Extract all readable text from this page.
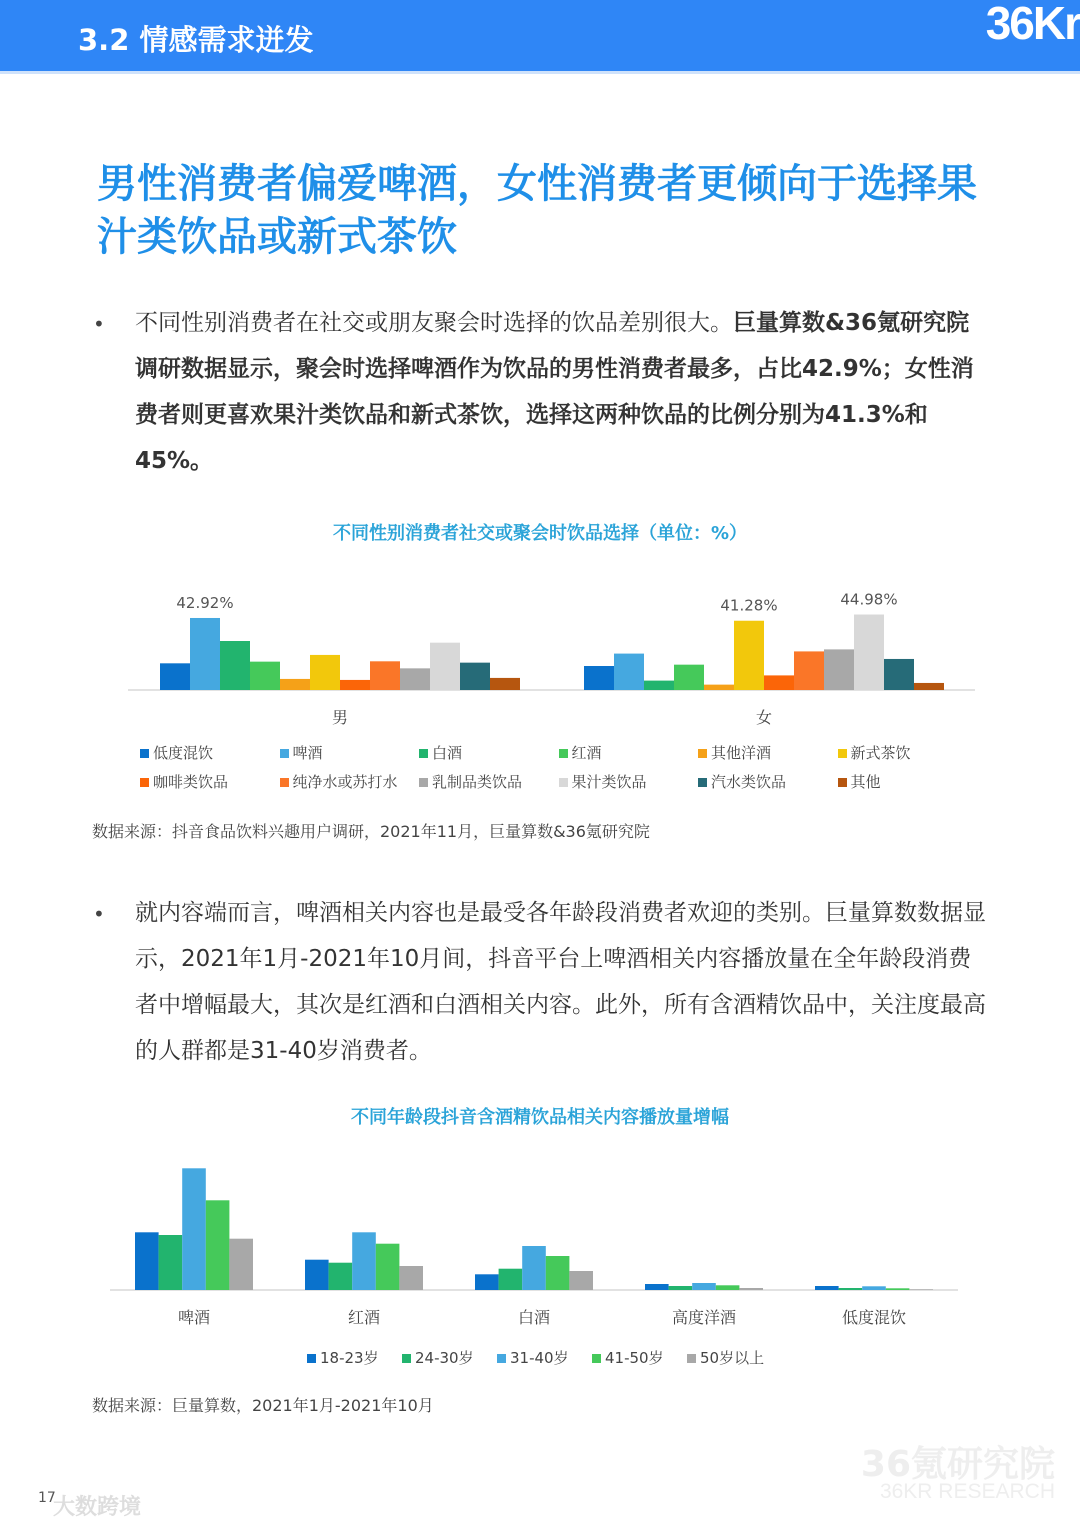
3.2 情感需求迸发	36Kr
男性消费者偏爱啤酒，女性消费者更倾向于选择果汁类饮品或新式茶饮
• 不同性别消费者在社交或朋友聚会时选择的饮品差别很大。巨量算数&36氪研究院调研数据显示，聚会时选择啤酒作为饮品的男性消费者最多，占比42.9%；女性消费者则更喜欢果汁类饮品和新式茶饮，选择这两种饮品的比例分别为41.3%和45%。
不同性别消费者社交或聚会时饮品选择（单位：%）
42.92%
男
41.28%	44.98%
女
低度混饮	啤酒	白酒	红酒	其他洋酒	新式茶饮
咖啡类饮品	纯净水或苏打水	乳制品类饮品	果汁类饮品	汽水类饮品	其他
数据来源：抖音食品饮料兴趣用户调研，2021年11月，巨量算数&36氪研究院
• 就内容端而言，啤酒相关内容也是最受各年龄段消费者欢迎的类别。巨量算数数据显示，2021年1月-2021年10月间，抖音平台上啤酒相关内容播放量在全年龄段消费者中增幅最大，其次是红酒和白酒相关内容。此外，所有含酒精饮品中，关注度最高的人群都是31-40岁消费者。
不同年龄段抖音含酒精饮品相关内容播放量增幅
啤酒	红酒	白酒	高度洋酒	低度混饮
18-23岁	24-30岁	31-40岁	41-50岁	50岁以上
数据来源：巨量算数，2021年1月-2021年10月
36氪研究院
36KR RESEARCH
大数跨境
17
